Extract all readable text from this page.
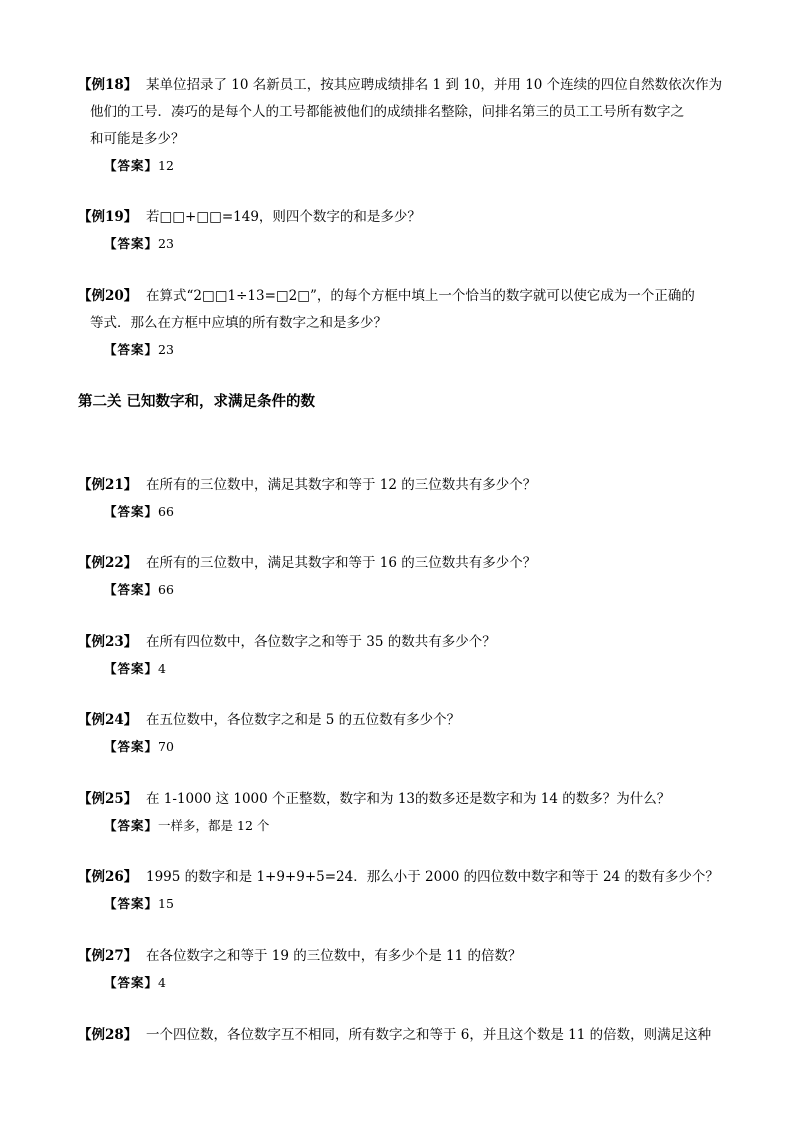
【例18】 某单位招录了 10 名新员工，按其应聘成绩排名 1 到 10，并用 10 个连续的四位自然数依次作为
他们的工号．凑巧的是每个人的工号都能被他们的成绩排名整除，问排名第三的员工工号所有数字之
和可能是多少？
【答案】12
【例19】 若□□+□□=149，则四个数字的和是多少？
【答案】23
【例20】 在算式“2□□1÷13=□2□”，的每个方框中填上一个恰当的数字就可以使它成为一个正确的
等式．那么在方框中应填的所有数字之和是多少？
【答案】23
第二关 已知数字和，求满足条件的数
【例21】 在所有的三位数中，满足其数字和等于 12 的三位数共有多少个？
【答案】66
【例22】 在所有的三位数中，满足其数字和等于 16 的三位数共有多少个？
【答案】66
【例23】 在所有四位数中，各位数字之和等于 35 的数共有多少个？
【答案】4
【例24】 在五位数中，各位数字之和是 5 的五位数有多少个？
【答案】70
【例25】 在 1-1000 这 1000 个正整数，数字和为 13的数多还是数字和为 14 的数多？为什么？
【答案】一样多，都是 12 个
【例26】 1995 的数字和是 1+9+9+5=24．那么小于 2000 的四位数中数字和等于 24 的数有多少个？
【答案】15
【例27】 在各位数字之和等于 19 的三位数中，有多少个是 11 的倍数？
【答案】4
【例28】 一个四位数，各位数字互不相同，所有数字之和等于 6，并且这个数是 11 的倍数，则满足这种
